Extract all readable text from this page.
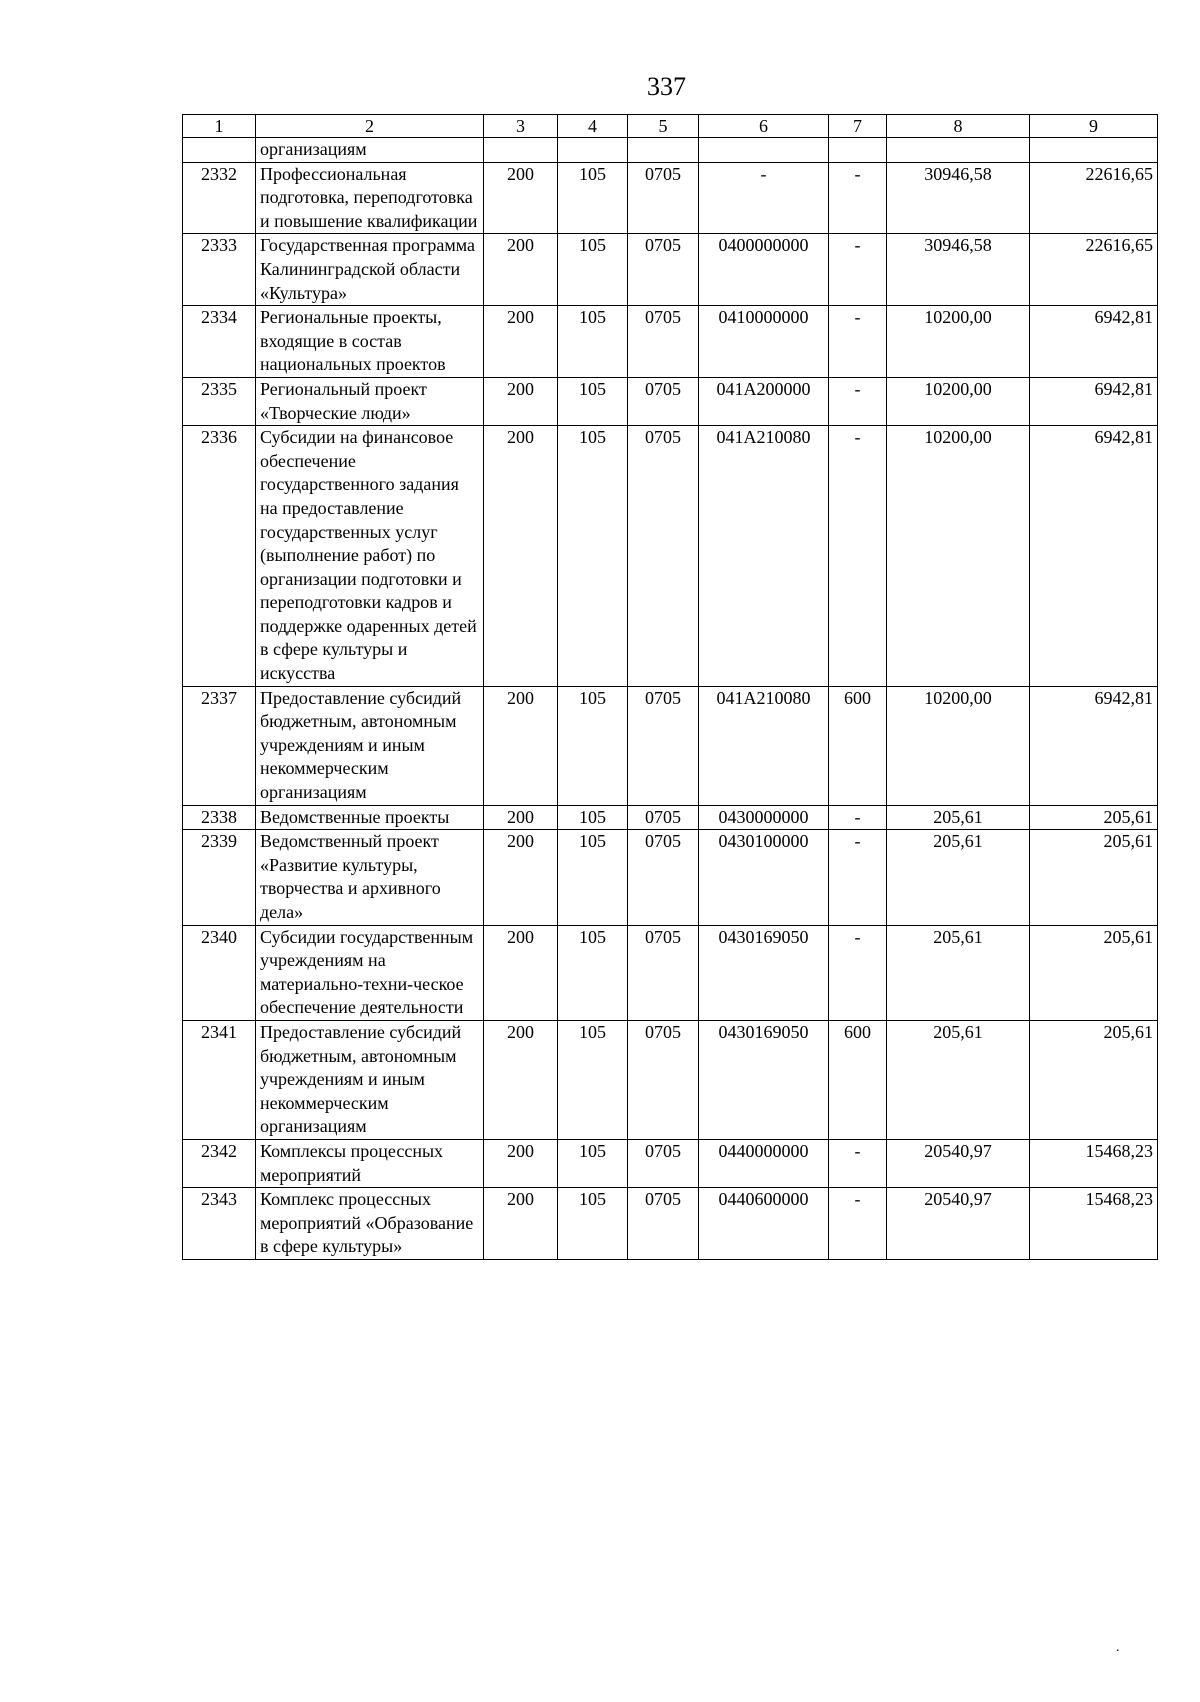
337
1	2	3	4	5	6	7	8	9
	организациям							
2332	Профессиональная подготовка, переподготовка и повышение квалификации	200	105	0705	-	-	30946,58	22616,65
2333	Государственная программа Калининградской области «Культура»	200	105	0705	0400000000	-	30946,58	22616,65
2334	Региональные проекты, входящие в состав национальных проектов	200	105	0705	0410000000	-	10200,00	6942,81
2335	Региональный проект «Творческие люди»	200	105	0705	041A200000	-	10200,00	6942,81
2336	Субсидии на финансовое обеспечение государственного задания на предоставление государственных услуг (выполнение работ) по организации подготовки и переподготовки кадров и поддержке одаренных детей в сфере культуры и искусства	200	105	0705	041A210080	-	10200,00	6942,81
2337	Предоставление субсидий бюджетным, автономным учреждениям и иным некоммерческим организациям	200	105	0705	041A210080	600	10200,00	6942,81
2338	Ведомственные проекты	200	105	0705	0430000000	-	205,61	205,61
2339	Ведомственный проект «Развитие культуры, творчества и архивного дела»	200	105	0705	0430100000	-	205,61	205,61
2340	Субсидии государственным учреждениям на материально-техни-ческое обеспечение деятельности	200	105	0705	0430169050	-	205,61	205,61
2341	Предоставление субсидий бюджетным, автономным учреждениям и иным некоммерческим организациям	200	105	0705	0430169050	600	205,61	205,61
2342	Комплексы процессных мероприятий	200	105	0705	0440000000	-	20540,97	15468,23
2343	Комплекс процессных мероприятий «Образование в сфере культуры»	200	105	0705	0440600000	-	20540,97	15468,23
.
